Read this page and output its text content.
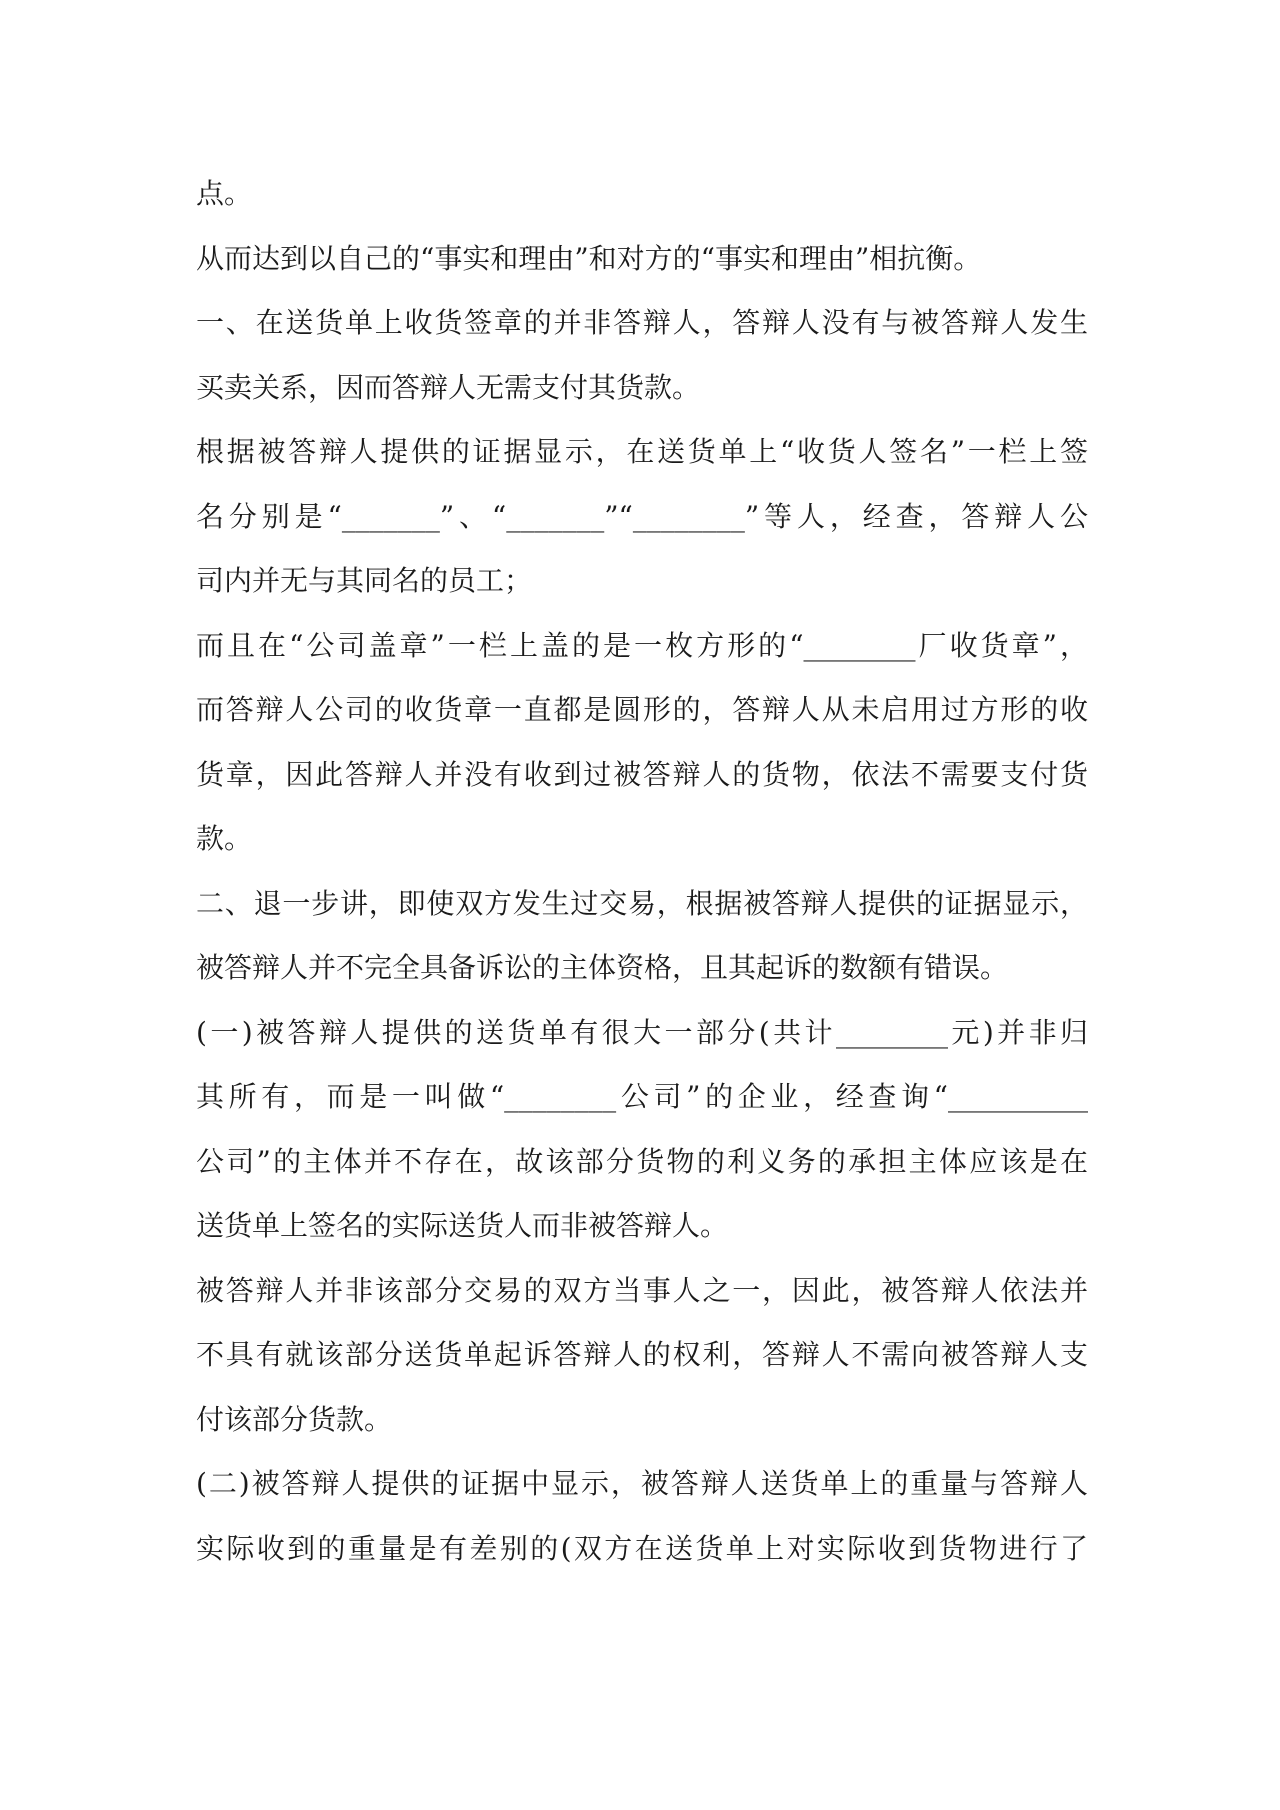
点。
从而达到以自己的“事实和理由”和对方的“事实和理由”相抗衡。
一、在送货单上收货签章的并非答辩人，答辩人没有与被答辩人发生
买卖关系，因而答辩人无需支付其货款。
根据被答辩人提供的证据显示，在送货单上“收货人签名”一栏上签
名分别是“_______”、“_______”“________”等人，经查，答辩人公
司内并无与其同名的员工；
而且在“公司盖章”一栏上盖的是一枚方形的“________厂收货章”，
而答辩人公司的收货章一直都是圆形的，答辩人从未启用过方形的收
货章，因此答辩人并没有收到过被答辩人的货物，依法不需要支付货
款。
二、退一步讲，即使双方发生过交易，根据被答辩人提供的证据显示，
被答辩人并不完全具备诉讼的主体资格，且其起诉的数额有错误。
(一)被答辩人提供的送货单有很大一部分(共计________元)并非归
其所有，而是一叫做“________公司”的企业，经查询“__________
公司”的主体并不存在，故该部分货物的利义务的承担主体应该是在
送货单上签名的实际送货人而非被答辩人。
被答辩人并非该部分交易的双方当事人之一，因此，被答辩人依法并
不具有就该部分送货单起诉答辩人的权利，答辩人不需向被答辩人支
付该部分货款。
(二)被答辩人提供的证据中显示，被答辩人送货单上的重量与答辩人
实际收到的重量是有差别的(双方在送货单上对实际收到货物进行了
